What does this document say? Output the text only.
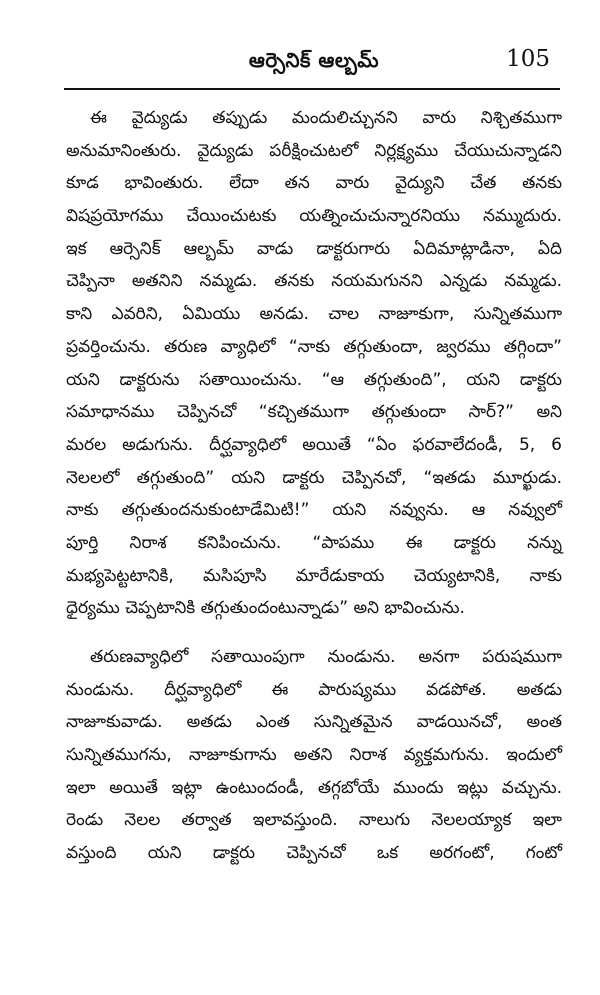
ఆర్సెనిక్ ఆల్బమ్	105
ఈ వైద్యుడు తప్పుడు మందులిచ్చునని వారు నిశ్చితముగా
అనుమానింతురు. వైద్యుడు పరీక్షించుటలో నిర్లక్ష్యము చేయుచున్నాడని
కూడ భావింతురు. లేదా తన వారు వైద్యుని చేత తనకు
విషప్రయోగము చేయించుటకు యత్నించుచున్నారనియు నమ్ముదురు.
ఇక ఆర్సెనిక్ ఆల్బమ్ వాడు డాక్టరుగారు ఏదిమాట్లాడినా, ఏది
చెప్పినా అతనిని నమ్మడు. తనకు నయమగునని ఎన్నడు నమ్మడు.
కాని ఎవరిని, ఏమియు అనడు. చాల నాజూకుగా, సున్నితముగా
ప్రవర్తించును. తరుణ వ్యాధిలో “నాకు తగ్గుతుందా, జ్వరము తగ్గిందా”
యని డాక్టరును సతాయించును. “ఆ తగ్గుతుంది”, యని డాక్టరు
సమాధానము చెప్పినచో “కచ్చితముగా తగ్గుతుందా సార్?” అని
మరల అడుగును. దీర్ఘవ్యాధిలో అయితే “ఏం ఫరవాలేదండీ, 5, 6
నెలలలో తగ్గుతుంది” యని డాక్టరు చెప్పినచో, “ఇతడు మూర్ఖుడు.
నాకు తగ్గుతుందనుకుంటాడేమిటి!” యని నవ్వును. ఆ నవ్వులో
పూర్తి నిరాశ కనిపించును. “పాపము ఈ డాక్టరు నన్ను
మభ్యపెట్టటానికి, మసిపూసి మారేడుకాయ చెయ్యటానికి, నాకు
ధైర్యము చెప్పటానికి తగ్గుతుందంటున్నాడు” అని భావించును.
తరుణవ్యాధిలో సతాయింపుగా నుండును. అనగా పరుషముగా
నుండును. దీర్ఘవ్యాధిలో ఈ పారుష్యము వడపోత. అతడు
నాజూకువాడు. అతడు ఎంత సున్నితమైన వాడయినచో, అంత
సున్నితముగను, నాజూకుగాను అతని నిరాశ వ్యక్తమగును. ఇందులో
ఇలా అయితే ఇట్లా ఉంటుందండీ, తగ్గబోయే ముందు ఇట్లు వచ్చును.
రెండు నెలల తర్వాత ఇలావస్తుంది. నాలుగు నెలలయ్యాక ఇలా
వస్తుంది యని డాక్టరు చెప్పినచో ఒక అరగంటో, గంటో
